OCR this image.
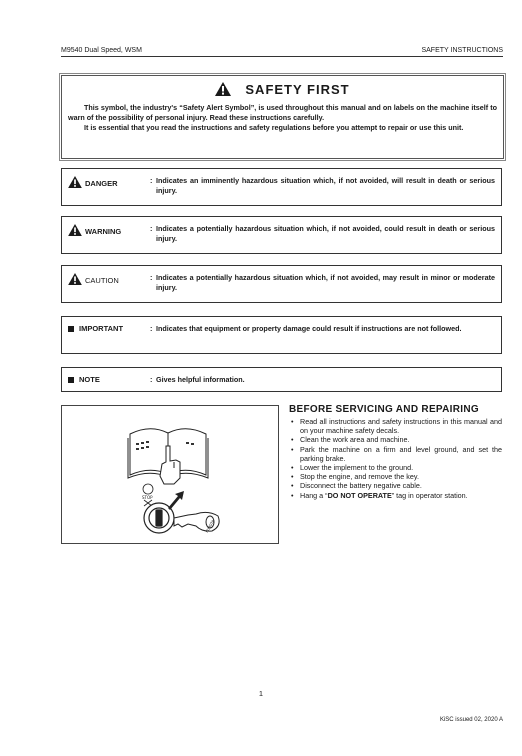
M9540 Dual Speed, WSM	SAFETY INSTRUCTIONS
SAFETY FIRST

This symbol, the industry's “Safety Alert Symbol”, is used throughout this manual and on labels on the machine itself to warn of the possibility of personal injury. Read these instructions carefully.

It is essential that you read the instructions and safety regulations before you attempt to repair or use this unit.

DANGER	: Indicates an imminently hazardous situation which, if not avoided, will result in death or serious injury.
WARNING	: Indicates a potentially hazardous situation which, if not avoided, could result in death or serious injury.
CAUTION	: Indicates a potentially hazardous situation which, if not avoided, may result in minor or moderate injury.
IMPORTANT	: Indicates that equipment or property damage could result if instructions are not followed.
NOTE	: Gives helpful information.
STOP
KUBOTA
BEFORE SERVICING AND REPAIRING
• Read all instructions and safety instructions in this manual and on your machine safety decals.
• Clean the work area and machine.
• Park the machine on a firm and level ground, and set the parking brake.
• Lower the implement to the ground.
• Stop the engine, and remove the key.
• Disconnect the battery negative cable.
• Hang a “DO NOT OPERATE” tag in operator station.
1
KiSC issued 02, 2020 A
